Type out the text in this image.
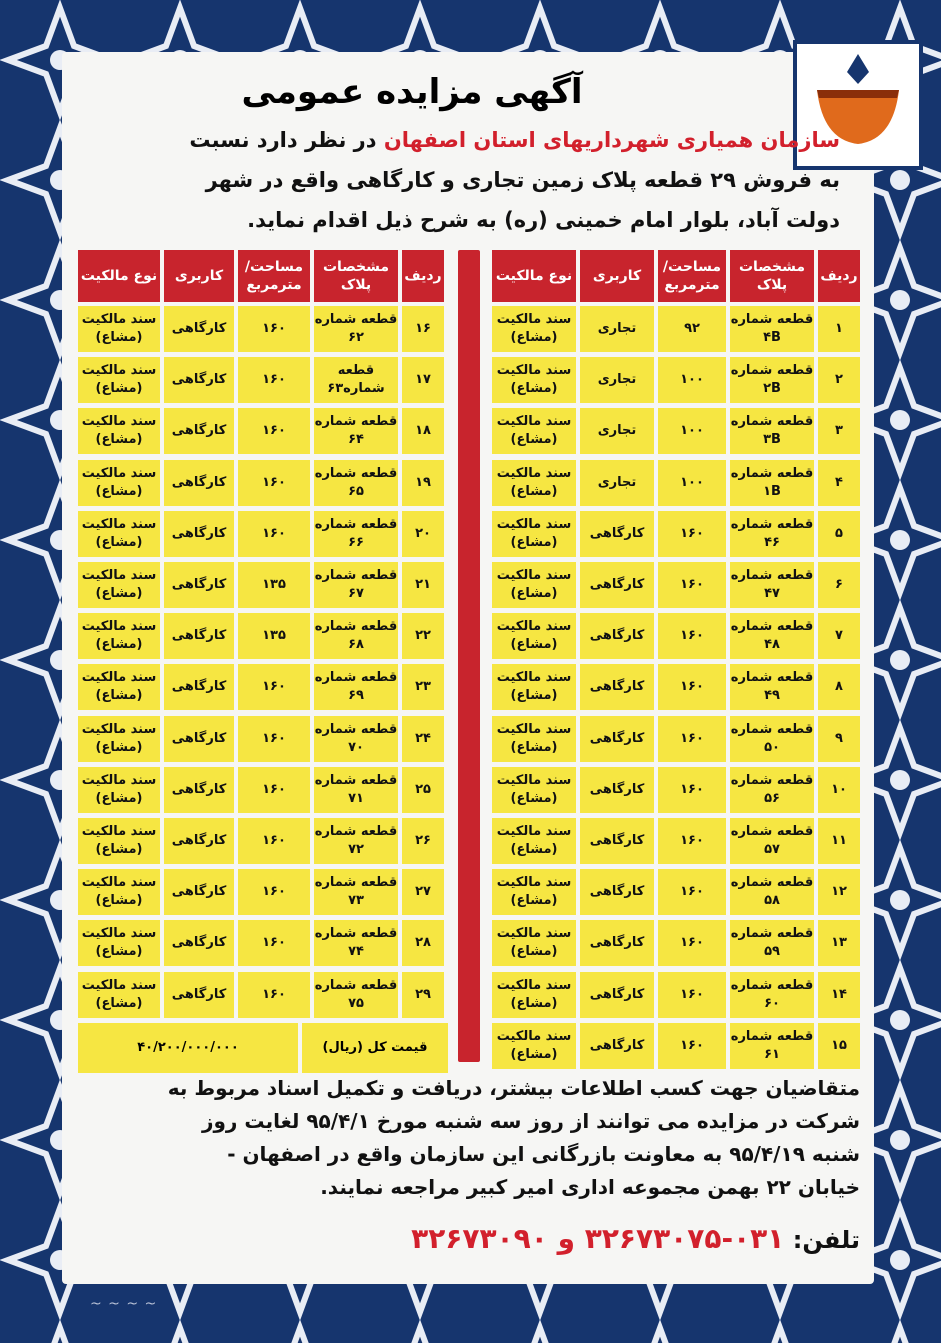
آگهی مزایده عمومی
سازمان همیاری شهرداریهای استان اصفهان در نظر دارد نسبت
به فروش ۲۹ قطعه پلاک زمین تجاری و کارگاهی واقع در شهر
دولت آباد، بلوار امام خمینی (ره) به شرح ذیل اقدام نماید.
ردیف
مشخصات پلاک
مساحت/ مترمربع
کاربری
نوع مالکیت
۱
قطعه شماره ۴B
۹۲
تجاری
سند مالکیت (مشاع)
۲
قطعه شماره ۲B
۱۰۰
تجاری
سند مالکیت (مشاع)
۳
قطعه شماره ۳B
۱۰۰
تجاری
سند مالکیت (مشاع)
۴
قطعه شماره ۱B
۱۰۰
تجاری
سند مالکیت (مشاع)
۵
قطعه شماره ۴۶
۱۶۰
کارگاهی
سند مالکیت (مشاع)
۶
قطعه شماره ۴۷
۱۶۰
کارگاهی
سند مالکیت (مشاع)
۷
قطعه شماره ۴۸
۱۶۰
کارگاهی
سند مالکیت (مشاع)
۸
قطعه شماره ۴۹
۱۶۰
کارگاهی
سند مالکیت (مشاع)
۹
قطعه شماره ۵۰
۱۶۰
کارگاهی
سند مالکیت (مشاع)
۱۰
قطعه شماره ۵۶
۱۶۰
کارگاهی
سند مالکیت (مشاع)
۱۱
قطعه شماره ۵۷
۱۶۰
کارگاهی
سند مالکیت (مشاع)
۱۲
قطعه شماره ۵۸
۱۶۰
کارگاهی
سند مالکیت (مشاع)
۱۳
قطعه شماره ۵۹
۱۶۰
کارگاهی
سند مالکیت (مشاع)
۱۴
قطعه شماره ۶۰
۱۶۰
کارگاهی
سند مالکیت (مشاع)
۱۵
قطعه شماره ۶۱
۱۶۰
کارگاهی
سند مالکیت (مشاع)
ردیف
مشخصات پلاک
مساحت/ مترمربع
کاربری
نوع مالکیت
۱۶
قطعه شماره ۶۲
۱۶۰
کارگاهی
سند مالکیت (مشاع)
۱۷
قطعه شماره۶۳
۱۶۰
کارگاهی
سند مالکیت (مشاع)
۱۸
قطعه شماره ۶۴
۱۶۰
کارگاهی
سند مالکیت (مشاع)
۱۹
قطعه شماره ۶۵
۱۶۰
کارگاهی
سند مالکیت (مشاع)
۲۰
قطعه شماره ۶۶
۱۶۰
کارگاهی
سند مالکیت (مشاع)
۲۱
قطعه شماره ۶۷
۱۳۵
کارگاهی
سند مالکیت (مشاع)
۲۲
قطعه شماره ۶۸
۱۳۵
کارگاهی
سند مالکیت (مشاع)
۲۳
قطعه شماره ۶۹
۱۶۰
کارگاهی
سند مالکیت (مشاع)
۲۴
قطعه شماره ۷۰
۱۶۰
کارگاهی
سند مالکیت (مشاع)
۲۵
قطعه شماره ۷۱
۱۶۰
کارگاهی
سند مالکیت (مشاع)
۲۶
قطعه شماره ۷۲
۱۶۰
کارگاهی
سند مالکیت (مشاع)
۲۷
قطعه شماره ۷۳
۱۶۰
کارگاهی
سند مالکیت (مشاع)
۲۸
قطعه شماره ۷۴
۱۶۰
کارگاهی
سند مالکیت (مشاع)
۲۹
قطعه شماره ۷۵
۱۶۰
کارگاهی
سند مالکیت (مشاع)
قیمت کل (ریال)
۴۰/۲۰۰/۰۰۰/۰۰۰
متقاضیان جهت کسب اطلاعات بیشتر، دریافت و تکمیل اسناد مربوط به
شرکت در مزایده می توانند از روز سه شنبه مورخ ۹۵/۴/۱ لغایت روز
شنبه ۹۵/۴/۱۹ به معاونت بازرگانی این سازمان واقع در اصفهان -
خیابان ۲۲ بهمن مجموعه اداری امیر کبیر مراجعه نمایند.
تلفن: ۰۳۱-۳۲۶۷۳۰۷۵ و ۳۲۶۷۳۰۹۰
~ ~ ~ ~
